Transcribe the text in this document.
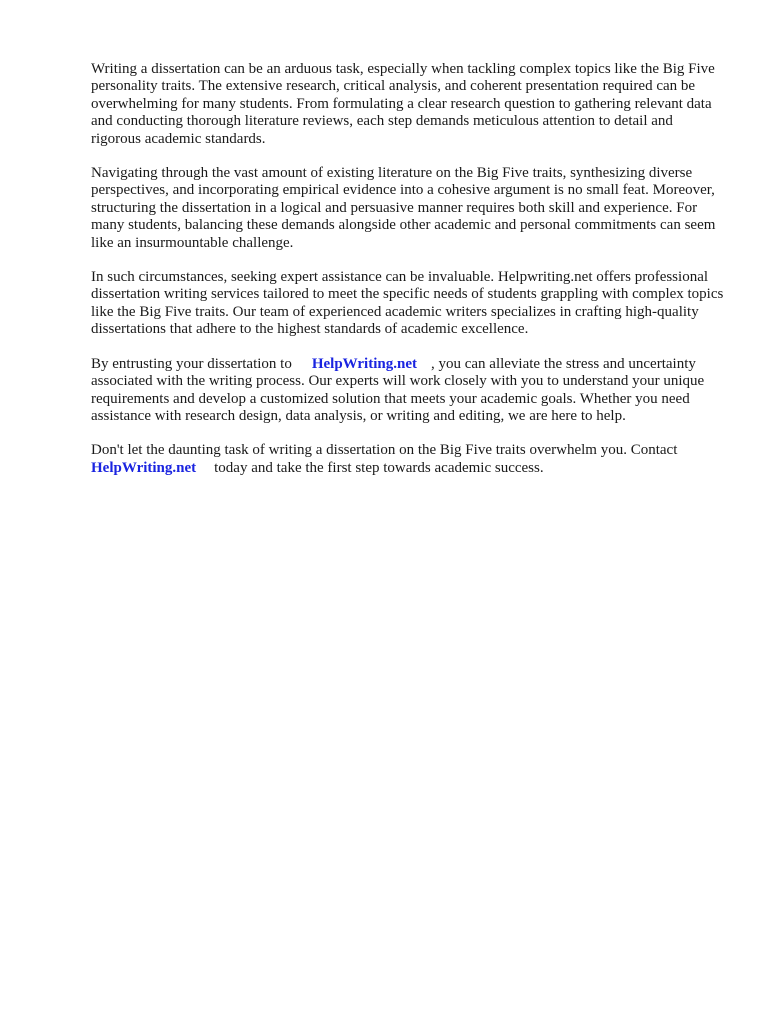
Writing a dissertation can be an arduous task, especially when tackling complex topics like the Big Five personality traits. The extensive research, critical analysis, and coherent presentation required can be overwhelming for many students. From formulating a clear research question to gathering relevant data and conducting thorough literature reviews, each step demands meticulous attention to detail and rigorous academic standards.

Navigating through the vast amount of existing literature on the Big Five traits, synthesizing diverse perspectives, and incorporating empirical evidence into a cohesive argument is no small feat. Moreover, structuring the dissertation in a logical and persuasive manner requires both skill and experience. For many students, balancing these demands alongside other academic and personal commitments can seem like an insurmountable challenge.

In such circumstances, seeking expert assistance can be invaluable. Helpwriting.net offers professional dissertation writing services tailored to meet the specific needs of students grappling with complex topics like the Big Five traits. Our team of experienced academic writers specializes in crafting high-quality dissertations that adhere to the highest standards of academic excellence.

By entrusting your dissertation to HelpWriting.net , you can alleviate the stress and uncertainty associated with the writing process. Our experts will work closely with you to understand your unique requirements and develop a customized solution that meets your academic goals. Whether you need assistance with research design, data analysis, or writing and editing, we are here to help.

Don't let the daunting task of writing a dissertation on the Big Five traits overwhelm you. Contact HelpWriting.net today and take the first step towards academic success.
